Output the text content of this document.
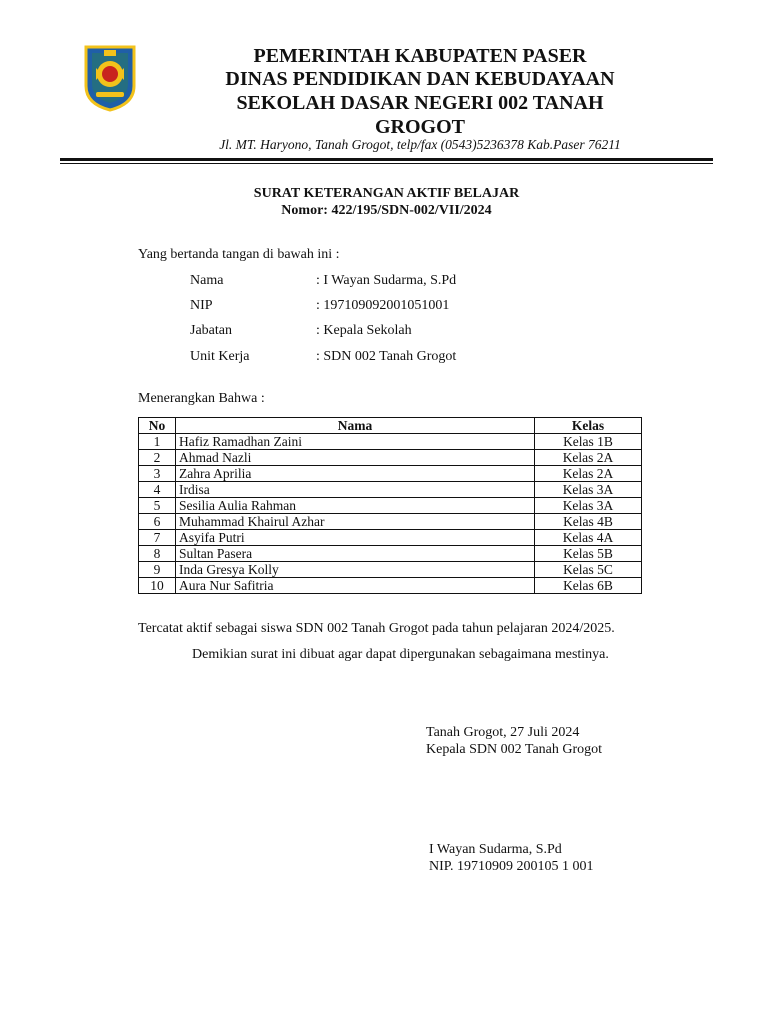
PEMERINTAH KABUPATEN PASER
DINAS PENDIDIKAN DAN KEBUDAYAAN
SEKOLAH DASAR NEGERI 002 TANAH
GROGOT
Jl. MT. Haryono, Tanah Grogot, telp/fax (0543)5236378 Kab.Paser 76211
SURAT KETERANGAN AKTIF BELAJAR
Nomor: 422/195/SDN-002/VII/2024
Yang bertanda tangan di bawah ini :
Nama	: I Wayan Sudarma, S.Pd
NIP	: 197109092001051001
Jabatan	: Kepala Sekolah
Unit Kerja	: SDN 002 Tanah Grogot
Menerangkan Bahwa :
No	Nama	Kelas
1	Hafiz Ramadhan Zaini	Kelas 1B
2	Ahmad Nazli	Kelas 2A
3	Zahra Aprilia	Kelas 2A
4	Irdisa	Kelas 3A
5	Sesilia Aulia Rahman	Kelas 3A
6	Muhammad Khairul Azhar	Kelas 4B
7	Asyifa Putri	Kelas 4A
8	Sultan Pasera	Kelas 5B
9	Inda Gresya Kolly	Kelas 5C
10	Aura Nur Safitria	Kelas 6B
Tercatat aktif sebagai siswa SDN 002 Tanah Grogot pada tahun pelajaran 2024/2025.
Demikian surat ini dibuat agar dapat dipergunakan sebagaimana mestinya.
Tanah Grogot, 27 Juli 2024
Kepala SDN 002 Tanah Grogot
I Wayan Sudarma, S.Pd
NIP. 19710909 200105 1 001
